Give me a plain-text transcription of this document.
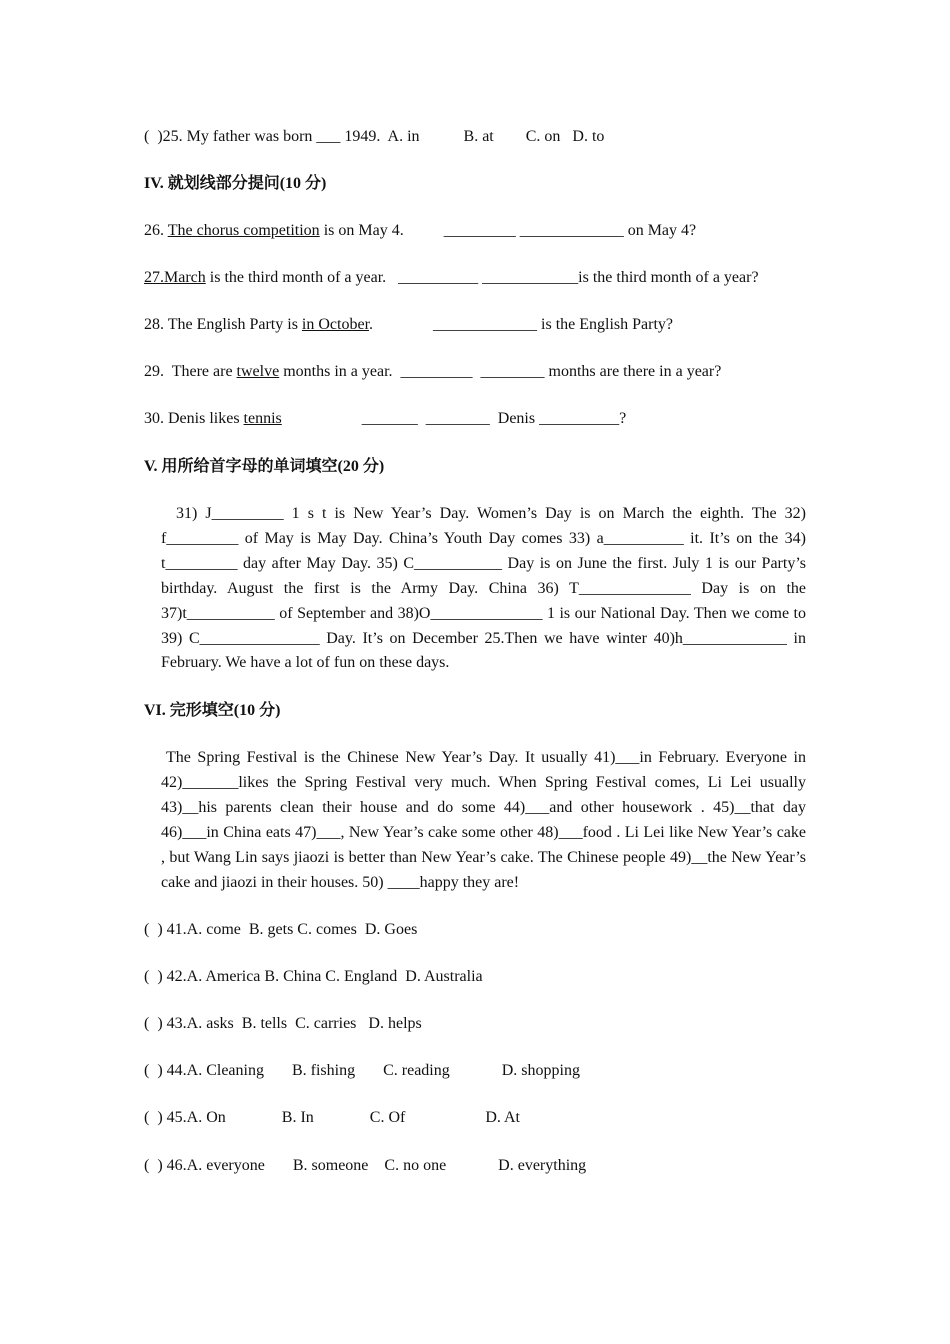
(  )25. My father was born ___ 1949.  A. in           B. at        C. on   D. to
IV. 就划线部分提问(10 分)
26. The chorus competition is on May 4.          _________ _____________ on May 4?
27.March is the third month of a year.   __________ ____________is the third month of a year?
28. The English Party is in October.               _____________ is the English Party?
29.  There are twelve months in a year.  _________  ________ months are there in a year?
30. Denis likes tennis                    _______  ________  Denis __________?
V. 用所给首字母的单词填空(20 分)
31) J_________ 1 s t is New Year’s Day. Women’s Day is on March the eighth. The 32) f_________ of May is May Day. China’s Youth Day comes 33) a__________ it. It’s on the 34) t_________ day after May Day. 35) C___________ Day is on June the first. July 1 is our Party’s birthday. August the first is the Army Day. China 36) T______________ Day is on the 37)t___________ of September and 38)O______________ 1 is our National Day. Then we come to 39) C_______________ Day. It’s on December 25.Then we have winter 40)h_____________ in February. We have a lot of fun on these days.
VI. 完形填空(10 分)
The Spring Festival is the Chinese New Year’s Day. It usually 41)___in February. Everyone in 42)_______likes the Spring Festival very much. When Spring Festival comes, Li Lei usually 43)__his parents clean their house and do some 44)___and other housework . 45)__that day 46)___in China eats 47)___, New Year’s cake some other 48)___food . Li Lei like New Year’s cake , but Wang Lin says jiaozi is better than New Year’s cake. The Chinese people 49)__the New Year’s cake and jiaozi in their houses. 50) ____happy they are!
(  ) 41.A. come  B. gets C. comes  D. Goes
(  ) 42.A. America B. China C. England  D. Australia
(  ) 43.A. asks  B. tells  C. carries   D. helps
(  ) 44.A. Cleaning       B. fishing       C. reading             D. shopping
(  ) 45.A. On              B. In              C. Of                    D. At
(  ) 46.A. everyone       B. someone    C. no one             D. everything
